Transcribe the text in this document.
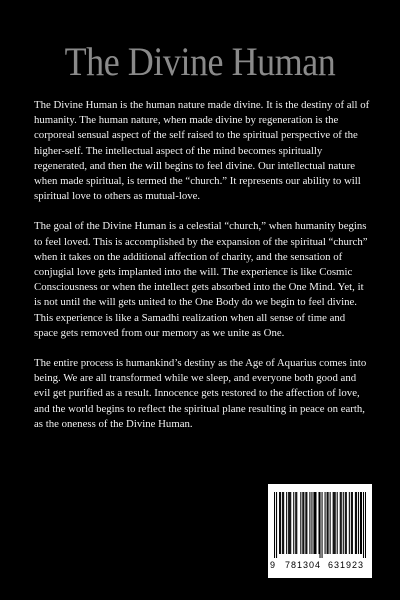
The Divine Human

The Divine Human is the human nature made divine. It is the destiny of all of humanity. The human nature, when made divine by regeneration is the corporeal sensual aspect of the self raised to the spiritual perspective of the higher-self. The intellectual aspect of the mind becomes spiritually regenerated, and then the will begins to feel divine. Our intellectual nature when made spiritual, is termed the “church.” It represents our ability to will spiritual love to others as mutual-love.

The goal of the Divine Human is a celestial “church,” when humanity begins to feel loved. This is accomplished by the expansion of the spiritual “church” when it takes on the additional affection of charity, and the sensation of conjugial love gets implanted into the will. The experience is like Cosmic Consciousness or when the intellect gets absorbed into the One Mind. Yet, it is not until the will gets united to the One Body do we begin to feel divine. This experience is like a Samadhi realization when all sense of time and space gets removed from our memory as we unite as One.

The entire process is humankind’s destiny as the Age of Aquarius comes into being. We are all transformed while we sleep, and everyone both good and evil get purified as a result. Innocence gets restored to the affection of love, and the world begins to reflect the spiritual plane resulting in peace on earth, as the oneness of the Divine Human.

9 781304 631923
